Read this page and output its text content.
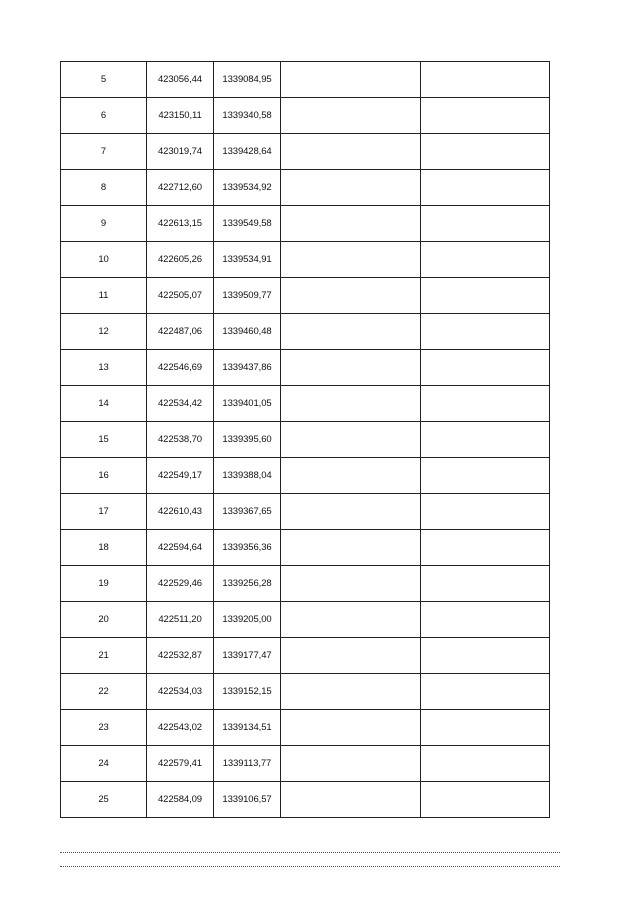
5	423056,44	1339084,95		
6	423150,11	1339340,58		
7	423019,74	1339428,64		
8	422712,60	1339534,92		
9	422613,15	1339549,58		
10	422605,26	1339534,91		
11	422505,07	1339509,77		
12	422487,06	1339460,48		
13	422546,69	1339437,86		
14	422534,42	1339401,05		
15	422538,70	1339395,60		
16	422549,17	1339388,04		
17	422610,43	1339367,65		
18	422594,64	1339356,36		
19	422529,46	1339256,28		
20	422511,20	1339205,00		
21	422532,87	1339177,47		
22	422534,03	1339152,15		
23	422543,02	1339134,51		
24	422579,41	1339113,77		
25	422584,09	1339106,57		
